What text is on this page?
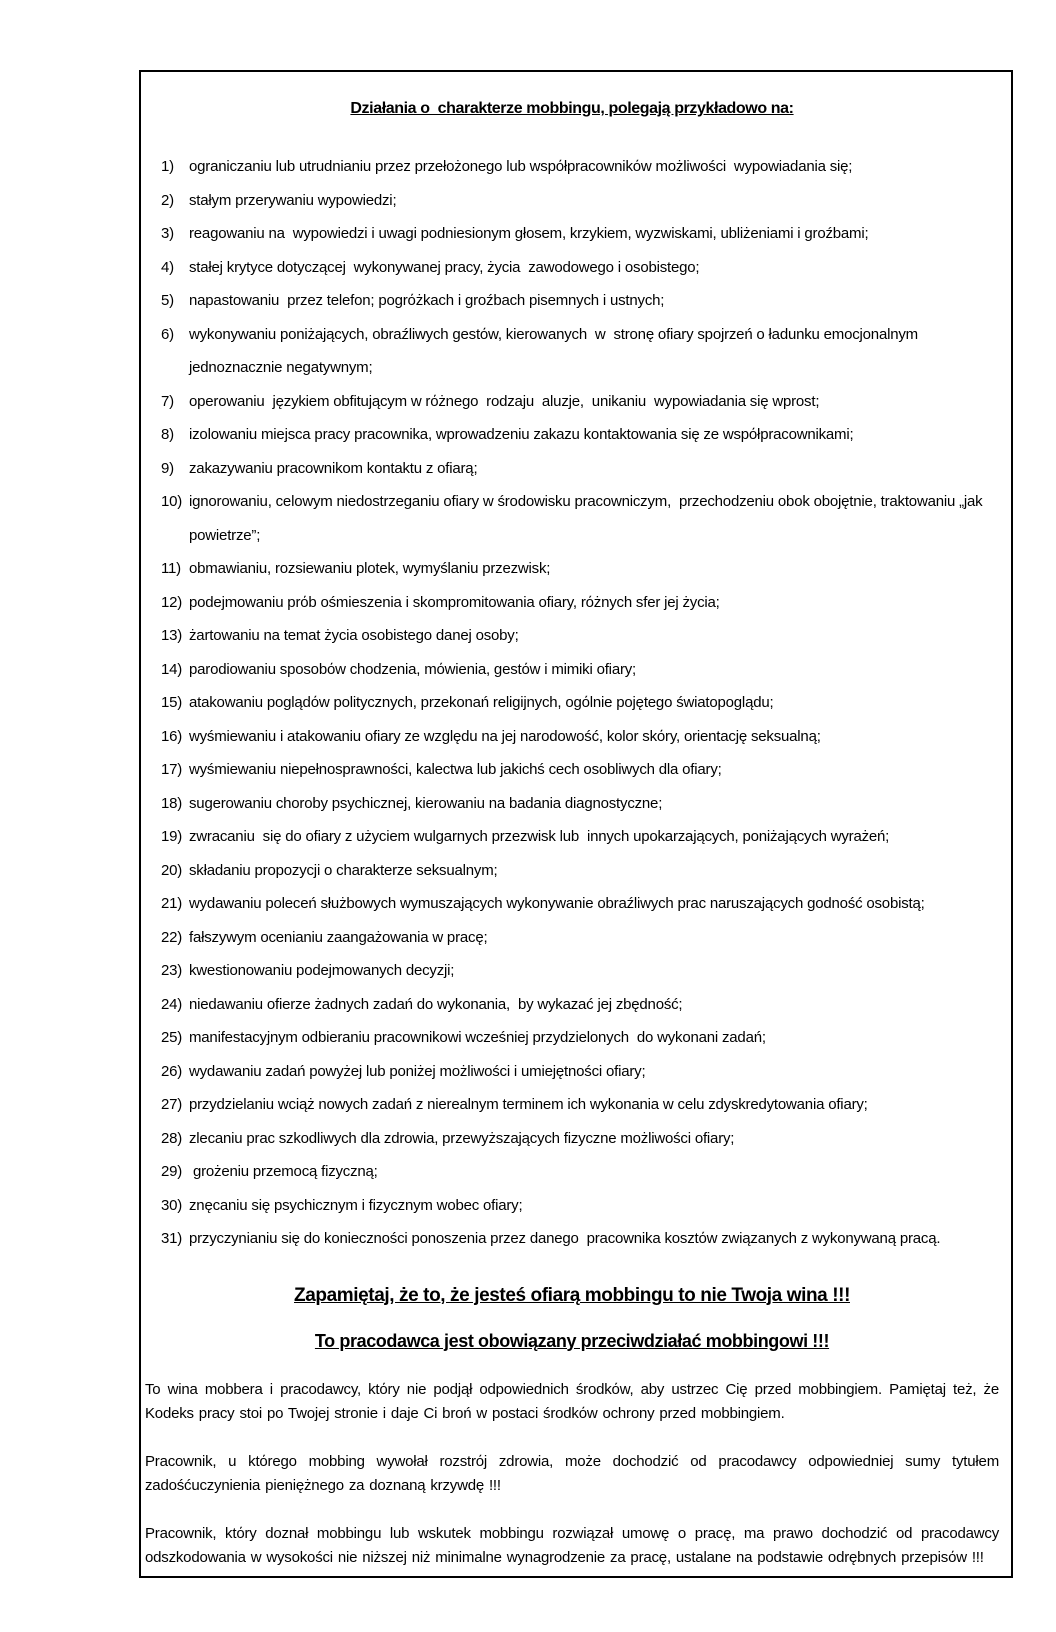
Działania o  charakterze mobbingu, polegają przykładowo na:
1)	ograniczaniu lub utrudnianiu przez przełożonego lub wspόłpracownikόw możliwości  wypowiadania się;
2)	stałym przerywaniu wypowiedzi;
3)	reagowaniu na  wypowiedzi i uwagi podniesionym głosem, krzykiem, wyzwiskami, ubliżeniami i groźbami;
4)	stałej krytyce dotyczącej  wykonywanej pracy, życia  zawodowego i osobistego;
5)	napastowaniu  przez telefon; pogrόżkach i groźbach pisemnych i ustnych;
6)	wykonywaniu poniżających, obraźliwych gestόw, kierowanych  w  stronę ofiary spojrzeń o ładunku emocjonalnym jednoznacznie negatywnym;
7)	operowaniu  językiem obfitującym w rόżnego  rodzaju  aluzje,  unikaniu  wypowiadania się wprost;
8)	izolowaniu miejsca pracy pracownika, wprowadzeniu zakazu kontaktowania się ze wspόłpracownikami;
9)	zakazywaniu pracownikom kontaktu z ofiarą;
10) ignorowaniu, celowym niedostrzeganiu ofiary w środowisku pracowniczym,  przechodzeniu obok obojętnie, traktowaniu „jak powietrze”;
11) obmawianiu, rozsiewaniu plotek, wymyślaniu przezwisk;
12) podejmowaniu prόb ośmieszenia i skompromitowania ofiary, rόżnych sfer jej życia;
13) żartowaniu na temat życia osobistego danej osoby;
14) parodiowaniu sposobόw chodzenia, mόwienia, gestόw i mimiki ofiary;
15) atakowaniu poglądόw politycznych, przekonań religijnych, ogόlnie pojętego światopoglądu;
16) wyśmiewaniu i atakowaniu ofiary ze względu na jej narodowość, kolor skόry, orientację seksualną;
17) wyśmiewaniu niepełnosprawności, kalectwa lub jakichś cech osobliwych dla ofiary;
18) sugerowaniu choroby psychicznej, kierowaniu na badania diagnostyczne;
19) zwracaniu  się do ofiary z użyciem wulgarnych przezwisk lub  innych upokarzających, poniżających wyrażeń;
20) składaniu propozycji o charakterze seksualnym;
21) wydawaniu poleceń służbowych wymuszających wykonywanie obraźliwych prac naruszających godność osobistą;
22) fałszywym ocenianiu zaangażowania w pracę;
23) kwestionowaniu podejmowanych decyzji;
24) niedawaniu ofierze żadnych zadań do wykonania,  by wykazać jej zbędność;
25) manifestacyjnym odbieraniu pracownikowi wcześniej przydzielonych  do wykonani zadań;
26) wydawaniu zadań powyżej lub poniżej możliwości i umiejętności ofiary;
27) przydzielaniu wciąż nowych zadań z nierealnym terminem ich wykonania w celu zdyskredytowania ofiary;
28) zlecaniu prac szkodliwych dla zdrowia, przewyższających fizyczne możliwości ofiary;
29) grożeniu przemocą fizyczną;
30) znęcaniu się psychicznym i fizycznym wobec ofiary;
31) przyczynianiu się do konieczności ponoszenia przez danego  pracownika kosztόw związanych z wykonywaną pracą.
Zapamiętaj, że to, że jesteś ofiarą mobbingu to nie Twoja wina !!!
To pracodawca jest obowiązany przeciwdziałać mobbingowi !!!

To wina mobbera i pracodawcy, ktόry nie podjął odpowiednich środkόw, aby ustrzec Cię przed mobbingiem. Pamiętaj też, że Kodeks pracy stoi po Twojej stronie i daje Ci broń w postaci środkόw ochrony przed mobbingiem.

Pracownik, u ktόrego mobbing wywołał rozstrόj zdrowia, może dochodzić od pracodawcy odpowiedniej sumy tytułem zadośćuczynienia pieniężnego za doznaną krzywdę !!!

Pracownik, ktόry doznał mobbingu lub wskutek mobbingu rozwiązał umowę o pracę, ma prawo dochodzić od pracodawcy odszkodowania w wysokości nie niższej niż minimalne wynagrodzenie za pracę, ustalane na podstawie odrębnych przepisόw !!!
